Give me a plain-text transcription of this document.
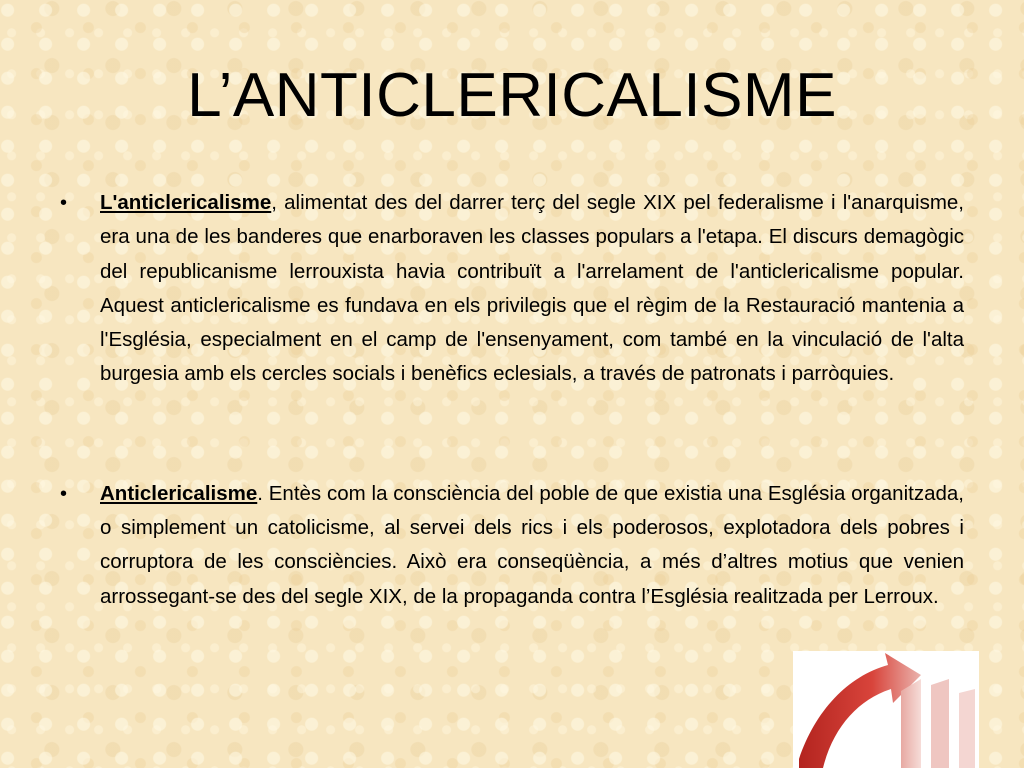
L’ANTICLERICALISME
• L'anticlericalisme, alimentat des del darrer terç del segle XIX pel federalisme i l'anarquisme, era una de les banderes que enarboraven les classes populars a l'etapa. El discurs demagògic del republicanisme lerrouxista havia contribuït a l'arrelament de l'anticlericalisme popular. Aquest anticlericalisme es fundava en els privilegis que el règim de la Restauració mantenia a l'Església, especialment en el camp de l'ensenyament, com també en la vinculació de l'alta burgesia amb els cercles socials i benèfics eclesials, a través de patronats i parròquies.
• Anticlericalisme. Entès com la consciència del poble de que existia una Església organitzada, o simplement un catolicisme, al servei dels rics i els poderosos, explotadora dels pobres i corruptora de les consciències. Això era conseqüència, a més d’altres motius que venien arrossegant-se des del segle XIX, de la propaganda contra l’Església realitzada per Lerroux.
